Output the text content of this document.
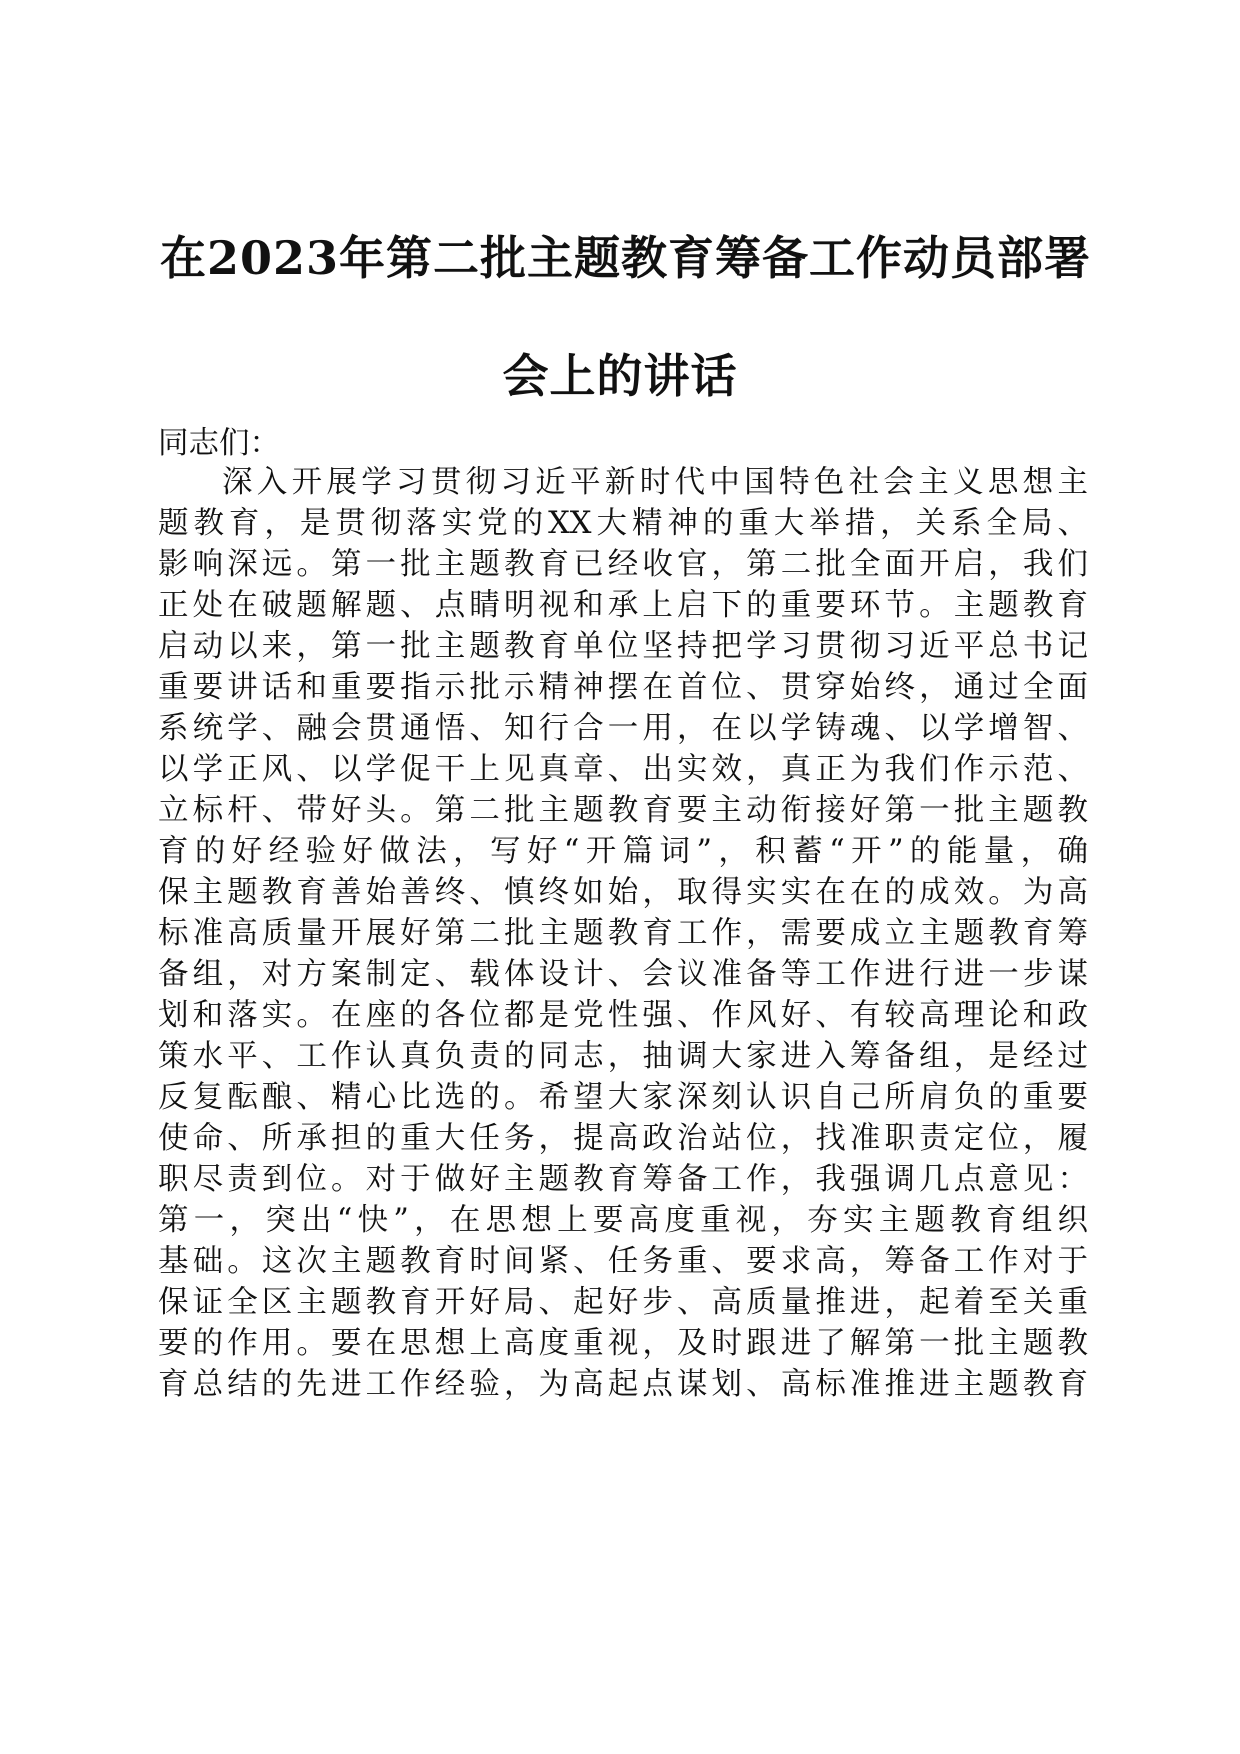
在2023年第二批主题教育筹备工作动员部署
会上的讲话
同志们：
深入开展学习贯彻习近平新时代中国特色社会主义思想主
题教育，是贯彻落实党的XX大精神的重大举措，关系全局、
影响深远。第一批主题教育已经收官，第二批全面开启，我们
正处在破题解题、点睛明视和承上启下的重要环节。主题教育
启动以来，第一批主题教育单位坚持把学习贯彻习近平总书记
重要讲话和重要指示批示精神摆在首位、贯穿始终，通过全面
系统学、融会贯通悟、知行合一用，在以学铸魂、以学增智、
以学正风、以学促干上见真章、出实效，真正为我们作示范、
立标杆、带好头。第二批主题教育要主动衔接好第一批主题教
育的好经验好做法，写好“开篇词”，积蓄“开”的能量，确
保主题教育善始善终、慎终如始，取得实实在在的成效。为高
标准高质量开展好第二批主题教育工作，需要成立主题教育筹
备组，对方案制定、载体设计、会议准备等工作进行进一步谋
划和落实。在座的各位都是党性强、作风好、有较高理论和政
策水平、工作认真负责的同志，抽调大家进入筹备组，是经过
反复酝酿、精心比选的。希望大家深刻认识自己所肩负的重要
使命、所承担的重大任务，提高政治站位，找准职责定位，履
职尽责到位。对于做好主题教育筹备工作，我强调几点意见：
第一，突出“快”，在思想上要高度重视，夯实主题教育组织
基础。这次主题教育时间紧、任务重、要求高，筹备工作对于
保证全区主题教育开好局、起好步、高质量推进，起着至关重
要的作用。要在思想上高度重视，及时跟进了解第一批主题教
育总结的先进工作经验，为高起点谋划、高标准推进主题教育
